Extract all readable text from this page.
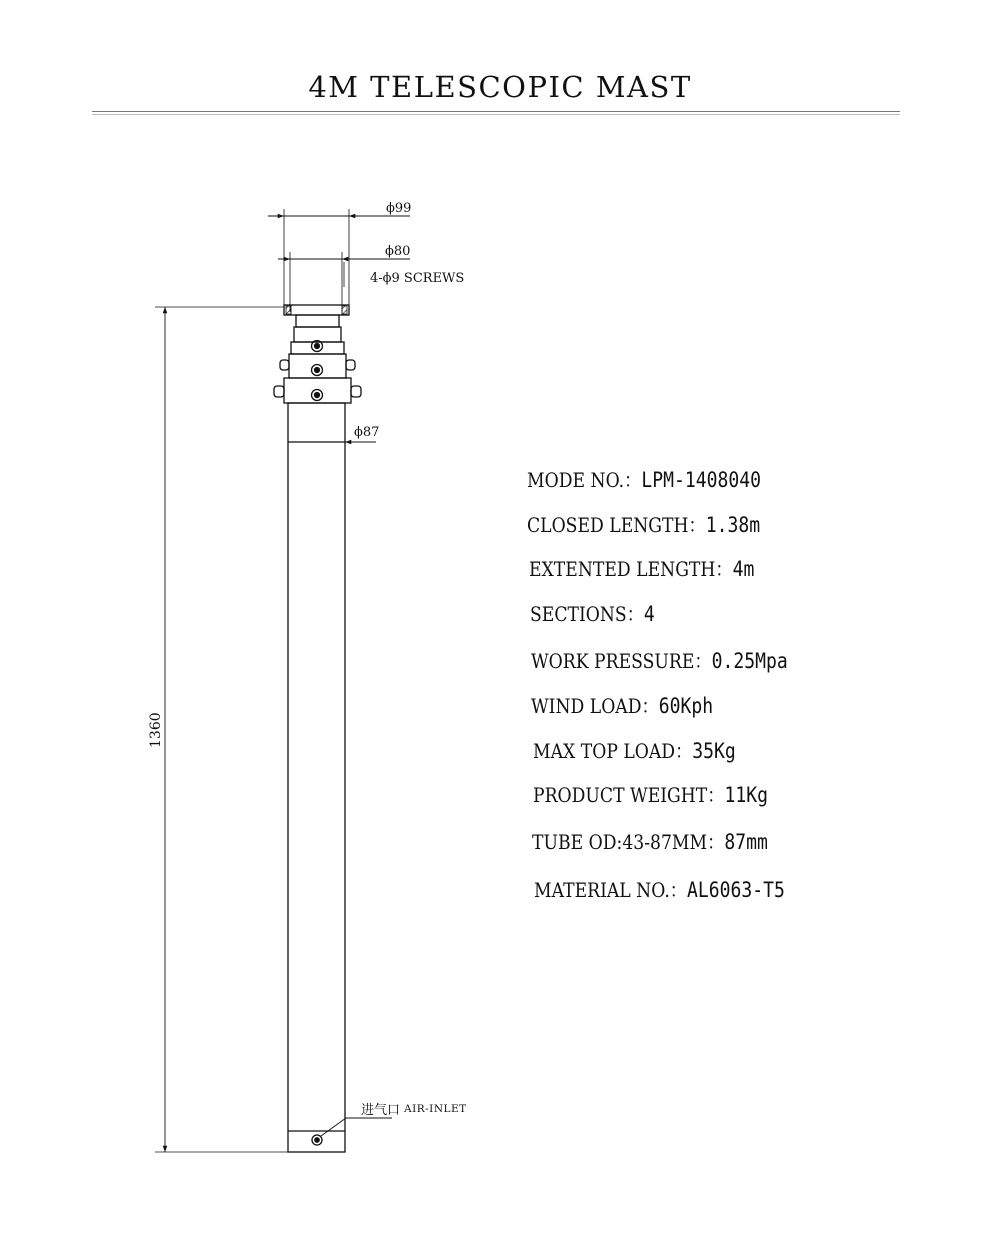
4M TELESCOPIC MAST
ϕ99
ϕ80
4-ϕ9 SCREWS
ϕ87
1360
进气口 AIR-INLET
MODE NO.：LPM-1408040
CLOSED LENGTH：1.38m
EXTENTED LENGTH：4m
SECTIONS：4
WORK PRESSURE：0.25Mpa
WIND LOAD：60Kph
MAX TOP LOAD：35Kg
PRODUCT WEIGHT：11Kg
TUBE OD:43-87MM：87mm
MATERIAL NO.：AL6063-T5
